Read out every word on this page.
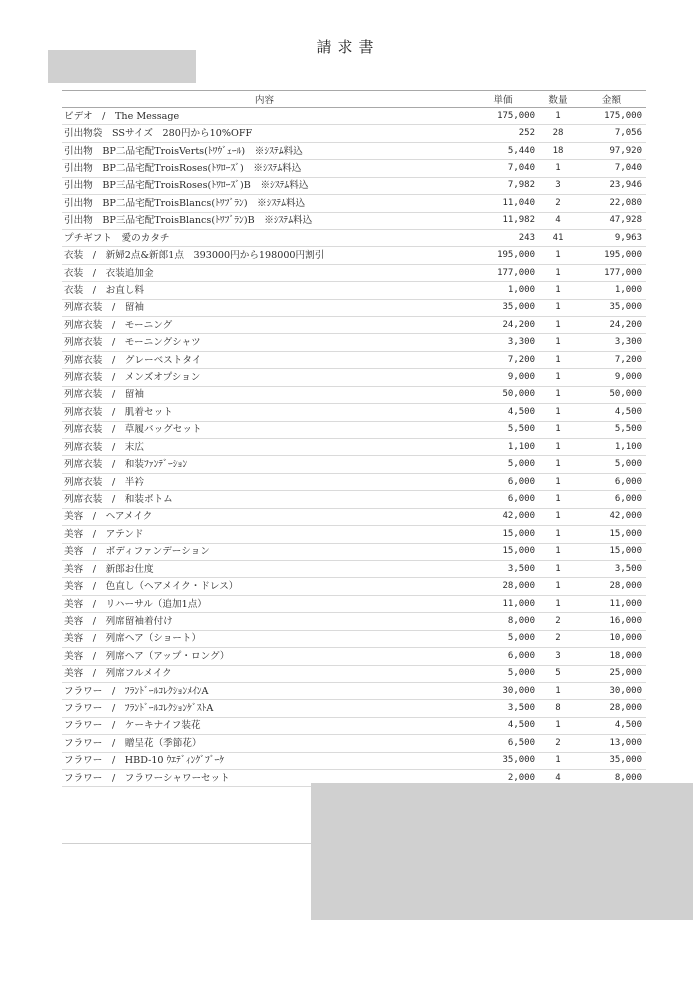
請求書
内容	単価	数量	金額
ビデオ　/　The Message	175,000	1	175,000
引出物袋　SSサイズ　280円から10%OFF	252	28	7,056
引出物　BP二品宅配TroisVerts(ﾄﾜｳﾞｪｰﾙ)　※ｼｽﾃﾑ料込	5,440	18	97,920
引出物　BP二品宅配TroisRoses(ﾄﾜﾛｰｽﾞ)　※ｼｽﾃﾑ料込	7,040	1	7,040
引出物　BP三品宅配TroisRoses(ﾄﾜﾛｰｽﾞ)B　※ｼｽﾃﾑ料込	7,982	3	23,946
引出物　BP二品宅配TroisBlancs(ﾄﾜﾌﾞﾗﾝ)　※ｼｽﾃﾑ料込	11,040	2	22,080
引出物　BP三品宅配TroisBlancs(ﾄﾜﾌﾞﾗﾝ)B　※ｼｽﾃﾑ料込	11,982	4	47,928
プチギフト　愛のカタチ	243	41	9,963
衣装　/　新婦2点&新郎1点　393000円から198000円割引	195,000	1	195,000
衣装　/　衣装追加金	177,000	1	177,000
衣装　/　お直し料	1,000	1	1,000
列席衣装　/　留袖	35,000	1	35,000
列席衣装　/　モーニング	24,200	1	24,200
列席衣装　/　モーニングシャツ	3,300	1	3,300
列席衣装　/　グレーベストタイ	7,200	1	7,200
列席衣装　/　メンズオプション	9,000	1	9,000
列席衣装　/　留袖	50,000	1	50,000
列席衣装　/　肌着セット	4,500	1	4,500
列席衣装　/　草履バッグセット	5,500	1	5,500
列席衣装　/　末広	1,100	1	1,100
列席衣装　/　和装ﾌｧﾝﾃﾞｰｼｮﾝ	5,000	1	5,000
列席衣装　/　半衿	6,000	1	6,000
列席衣装　/　和装ボトム	6,000	1	6,000
美容　/　ヘアメイク	42,000	1	42,000
美容　/　アテンド	15,000	1	15,000
美容　/　ボディファンデーション	15,000	1	15,000
美容　/　新郎お仕度	3,500	1	3,500
美容　/　色直し（ヘアメイク・ドレス）	28,000	1	28,000
美容　/　リハーサル（追加1点）	11,000	1	11,000
美容　/　列席留袖着付け	8,000	2	16,000
美容　/　列席ヘア（ショート）	5,000	2	10,000
美容　/　列席ヘア（アップ・ロング）	6,000	3	18,000
美容　/　列席フルメイク	5,000	5	25,000
フラワー　/　ﾌﾗﾝﾄﾞｰﾙｺﾚｸｼｮﾝﾒｲﾝA	30,000	1	30,000
フラワー　/　ﾌﾗﾝﾄﾞｰﾙｺﾚｸｼｮﾝｹﾞｽﾄA	3,500	8	28,000
フラワー　/　ケーキナイフ装花	4,500	1	4,500
フラワー　/　贈呈花（季節花）	6,500	2	13,000
フラワー　/　HBD-10 ｳｴﾃﾞｨﾝｸﾞﾌﾞｰｹ	35,000	1	35,000
フラワー　/　フラワーシャワーセット	2,000	4	8,000
